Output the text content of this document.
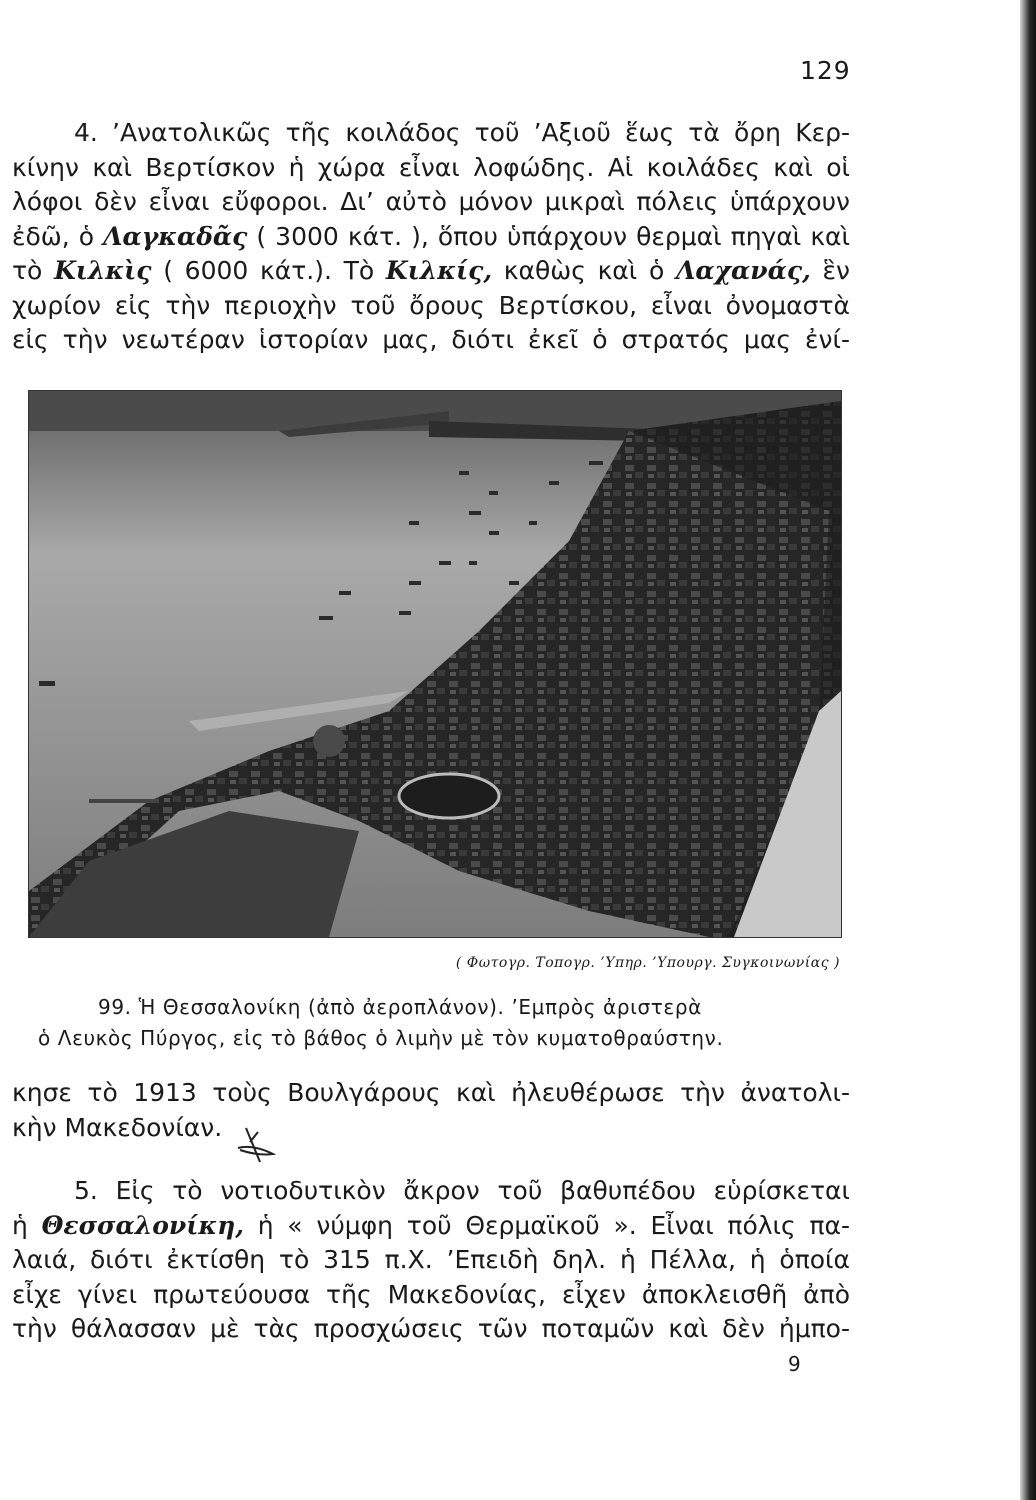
129
4. ’Ανατολικῶς τῆς κοιλάδος τοῦ ’Αξιοῦ ἕως τὰ ὄρη Κερ-
κίνην καὶ Βερτίσκον ἡ χώρα εἶναι λοφώδης. Αἱ κοιλάδες καὶ οἱ
λόφοι δὲν εἶναι εὔφοροι. Δι’ αὐτὸ μόνον μικραὶ πόλεις ὑπάρχουν
ἐδῶ, ὁ Λαγκαδᾶς ( 3000 κάτ. ), ὅπου ὑπάρχουν θερμαὶ πηγαὶ καὶ
τὸ Κιλκὶς ( 6000 κάτ.). Τὸ Κιλκίς, καθὼς καὶ ὁ Λαχανάς, ἓν
χωρίον εἰς τὴν περιοχὴν τοῦ ὄρους Βερτίσκου, εἶναι ὀνομαστὰ
εἰς τὴν νεωτέραν ἱστορίαν μας, διότι ἐκεῖ ὁ στρατός μας ἐνί-
( Φωτογρ. Τοπογρ. ’Υπηρ. ’Υπουργ. Συγκοινωνίας )
99. Ἡ Θεσσαλονίκη (ἀπὸ ἀεροπλάνον). ’Εμπρὸς ἀριστερὰ
ὁ Λευκὸς Πύργος, εἰς τὸ βάθος ὁ λιμὴν μὲ τὸν κυματοθραύστην.
κησε τὸ 1913 τοὺς Βουλγάρους καὶ ἠλευθέρωσε τὴν ἀνατολι-
κὴν Μακεδονίαν.
5. Εἰς τὸ νοτιοδυτικὸν ἄκρον τοῦ βαθυπέδου εὑρίσκεται
ἡ Θεσσαλονίκη, ἡ « νύμφη τοῦ Θερμαϊκοῦ ». Εἶναι πόλις πα-
λαιά, διότι ἐκτίσθη τὸ 315 π.Χ. ’Επειδὴ δηλ. ἡ Πέλλα, ἡ ὁποία
εἶχε γίνει πρωτεύουσα τῆς Μακεδονίας, εἶχεν ἀποκλεισθῆ ἀπὸ
τὴν θάλασσαν μὲ τὰς προσχώσεις τῶν ποταμῶν καὶ δὲν ἠμπο-
9
